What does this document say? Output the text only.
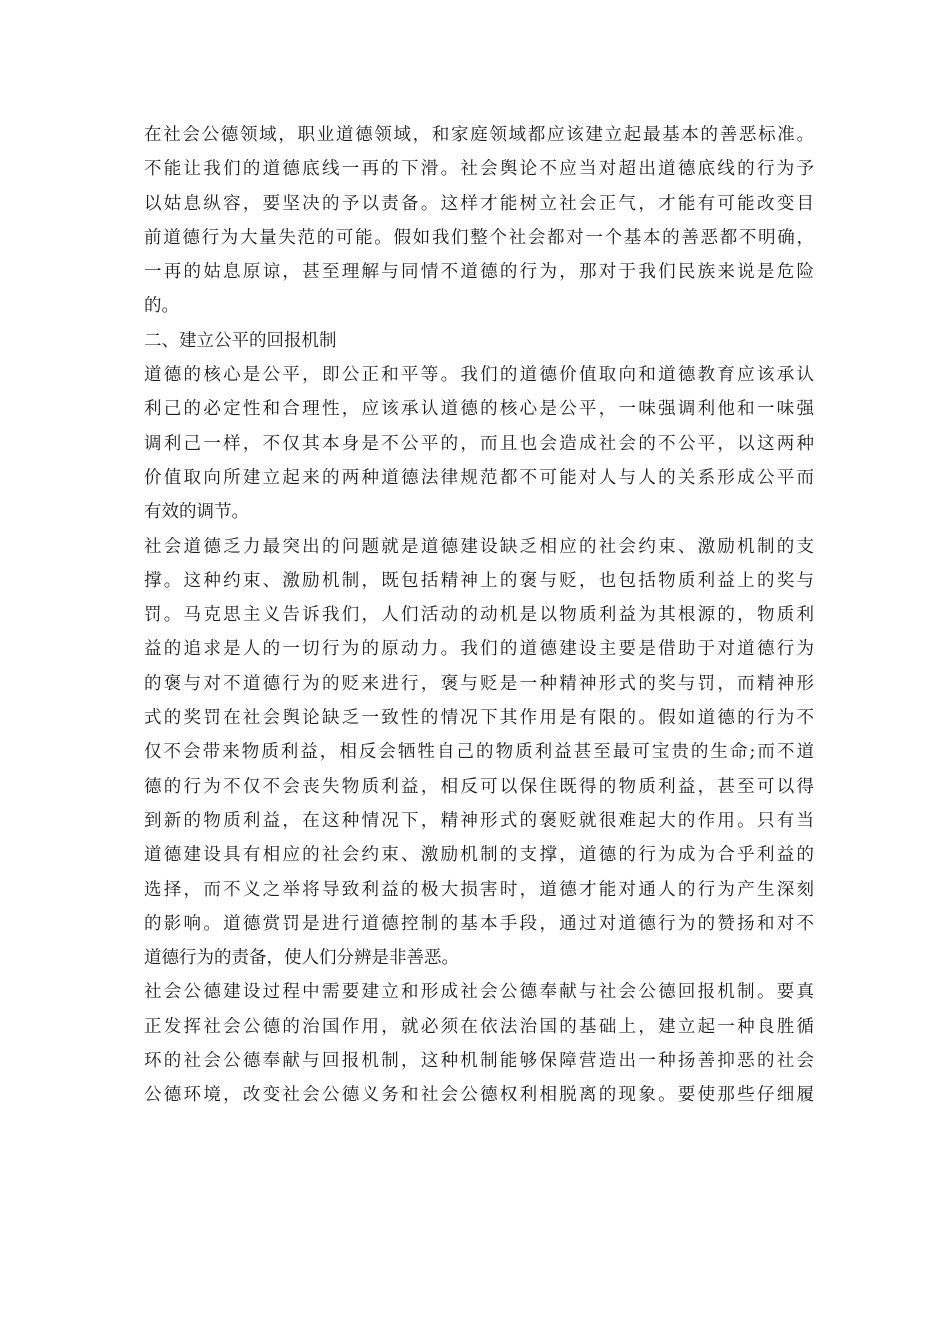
在社会公德领域，职业道德领域，和家庭领域都应该建立起最基本的善恶标准。
不能让我们的道德底线一再的下滑。社会舆论不应当对超出道德底线的行为予
以姑息纵容，要坚决的予以责备。这样才能树立社会正气，才能有可能改变目
前道德行为大量失范的可能。假如我们整个社会都对一个基本的善恶都不明确，
一再的姑息原谅，甚至理解与同情不道德的行为，那对于我们民族来说是危险
的。
二、建立公平的回报机制
道德的核心是公平，即公正和平等。我们的道德价值取向和道德教育应该承认
利己的必定性和合理性，应该承认道德的核心是公平，一味强调利他和一味强
调利己一样，不仅其本身是不公平的，而且也会造成社会的不公平，以这两种
价值取向所建立起来的两种道德法律规范都不可能对人与人的关系形成公平而
有效的调节。
社会道德乏力最突出的问题就是道德建设缺乏相应的社会约束、激励机制的支
撑。这种约束、激励机制，既包括精神上的褒与贬，也包括物质利益上的奖与
罚。马克思主义告诉我们，人们活动的动机是以物质利益为其根源的，物质利
益的追求是人的一切行为的原动力。我们的道德建设主要是借助于对道德行为
的褒与对不道德行为的贬来进行，褒与贬是一种精神形式的奖与罚，而精神形
式的奖罚在社会舆论缺乏一致性的情况下其作用是有限的。假如道德的行为不
仅不会带来物质利益，相反会牺牲自己的物质利益甚至最可宝贵的生命;而不道
德的行为不仅不会丧失物质利益，相反可以保住既得的物质利益，甚至可以得
到新的物质利益，在这种情况下，精神形式的褒贬就很难起大的作用。只有当
道德建设具有相应的社会约束、激励机制的支撑，道德的行为成为合乎利益的
选择，而不义之举将导致利益的极大损害时，道德才能对通人的行为产生深刻
的影响。道德赏罚是进行道德控制的基本手段，通过对道德行为的赞扬和对不
道德行为的责备，使人们分辨是非善恶。
社会公德建设过程中需要建立和形成社会公德奉献与社会公德回报机制。要真
正发挥社会公德的治国作用，就必须在依法治国的基础上，建立起一种良胜循
环的社会公德奉献与回报机制，这种机制能够保障营造出一种扬善抑恶的社会
公德环境，改变社会公德义务和社会公德权利相脱离的现象。要使那些仔细履
